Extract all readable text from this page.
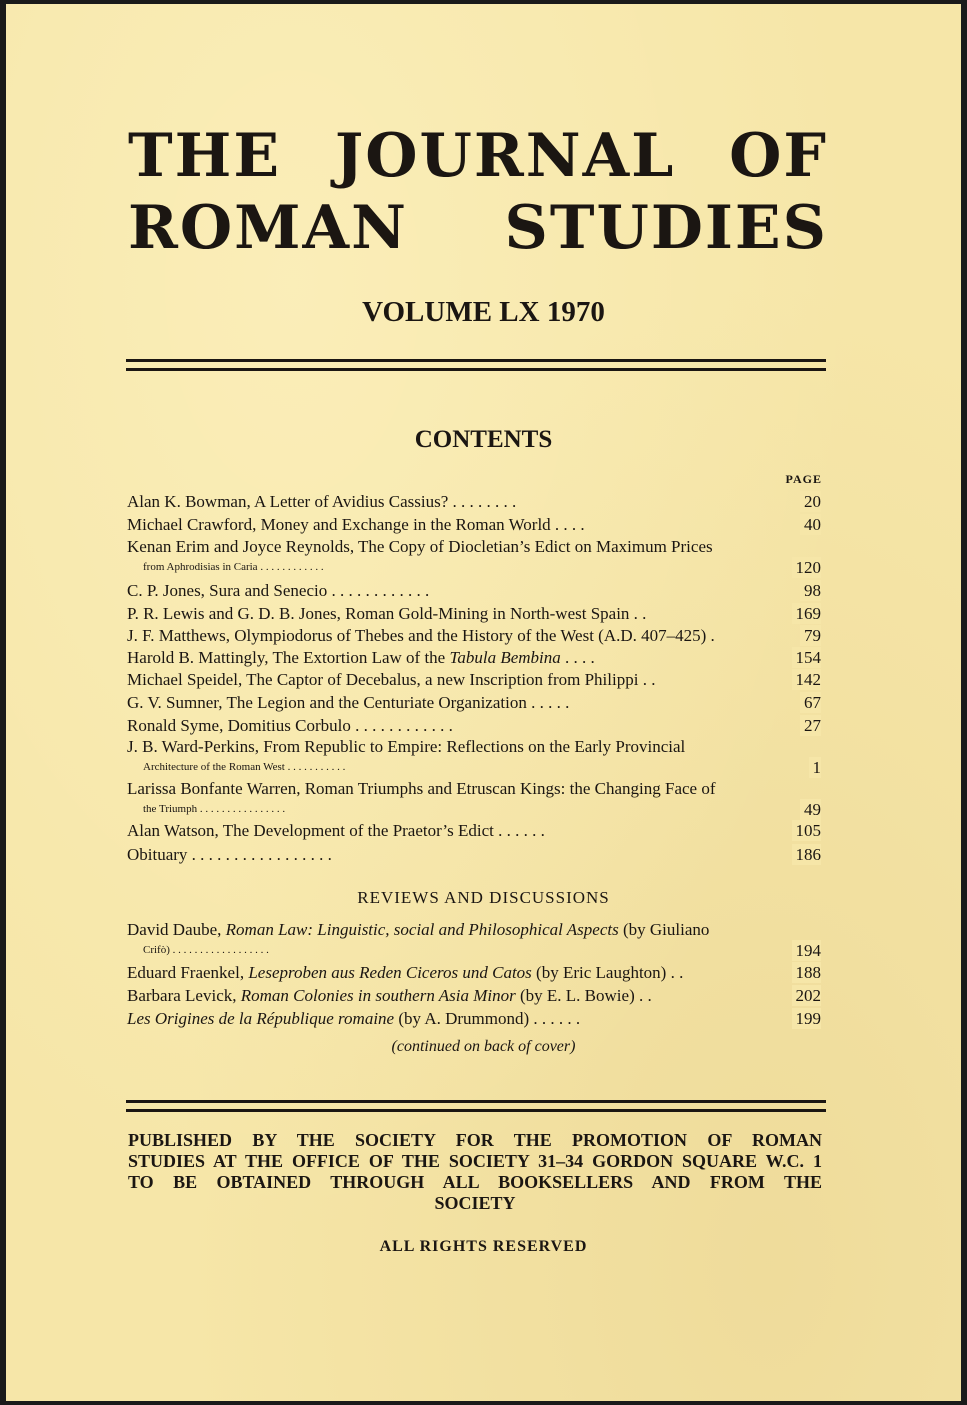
THE JOURNAL OF
ROMAN STUDIES
VOLUME LX 1970
CONTENTS
PAGE
Alan K. Bowman, A Letter of Avidius Cassius? . . . . . . . .	20
Michael Crawford, Money and Exchange in the Roman World . . . .	40
Kenan Erim and Joyce Reynolds, The Copy of Diocletian’s Edict on Maximum Prices
from Aphrodisias in Caria . . . . . . . . . . . .	120
C. P. Jones, Sura and Senecio . . . . . . . . . . . .	98
P. R. Lewis and G. D. B. Jones, Roman Gold-Mining in North-west Spain . .	169
J. F. Matthews, Olympiodorus of Thebes and the History of the West (A.D. 407–425) .	79
Harold B. Mattingly, The Extortion Law of the Tabula Bembina . . . .	154
Michael Speidel, The Captor of Decebalus, a new Inscription from Philippi . .	142
G. V. Sumner, The Legion and the Centuriate Organization . . . . .	67
Ronald Syme, Domitius Corbulo . . . . . . . . . . . .	27
J. B. Ward-Perkins, From Republic to Empire: Reflections on the Early Provincial
Architecture of the Roman West . . . . . . . . . . .	1
Larissa Bonfante Warren, Roman Triumphs and Etruscan Kings: the Changing Face of
the Triumph . . . . . . . . . . . . . . . .	49
Alan Watson, The Development of the Praetor’s Edict . . . . . .	105
Obituary . . . . . . . . . . . . . . . . .	186
REVIEWS AND DISCUSSIONS
David Daube, Roman Law: Linguistic, social and Philosophical Aspects (by Giuliano
Crifò) . . . . . . . . . . . . . . . . . .	194
Eduard Fraenkel, Leseproben aus Reden Ciceros und Catos (by Eric Laughton) . .	188
Barbara Levick, Roman Colonies in southern Asia Minor (by E. L. Bowie) . .	202
Les Origines de la République romaine (by A. Drummond) . . . . . .	199
(continued on back of cover)
PUBLISHED BY THE SOCIETY FOR THE PROMOTION OF ROMAN
STUDIES AT THE OFFICE OF THE SOCIETY 31–34 GORDON SQUARE W.C. 1
TO BE OBTAINED THROUGH ALL BOOKSELLERS AND FROM THE
SOCIETY
ALL RIGHTS RESERVED
